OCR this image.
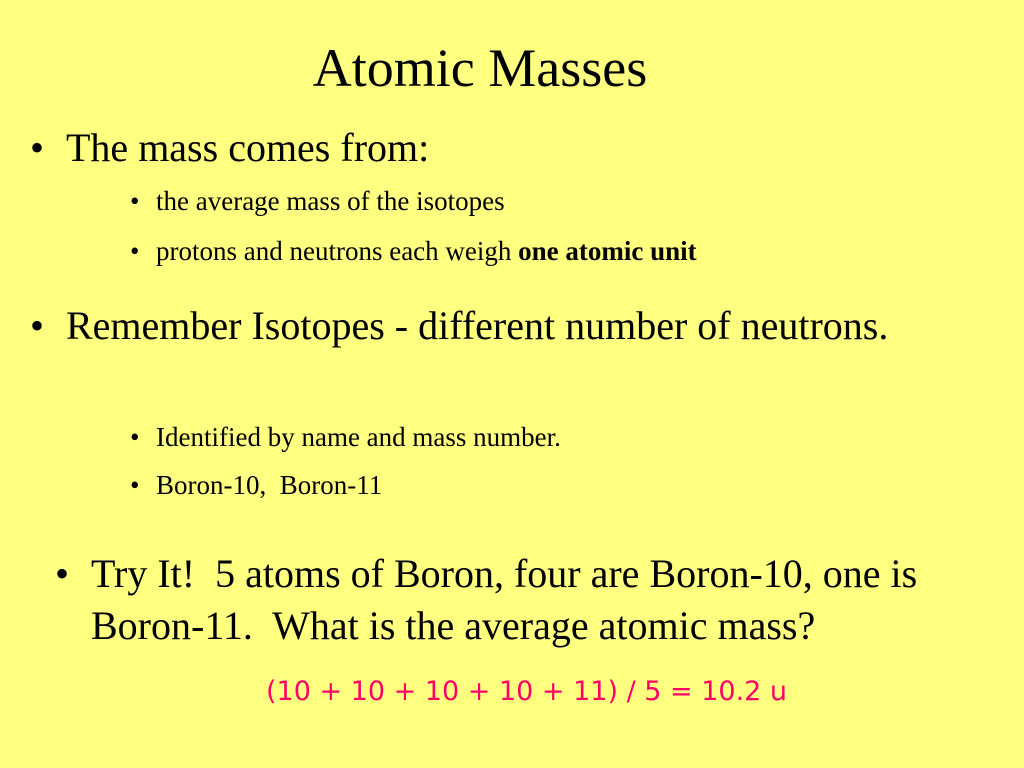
Atomic Masses
• The mass comes from:
• the average mass of the isotopes
• protons and neutrons each weigh one atomic unit
• Remember Isotopes - different number of neutrons.
• Identified by name and mass number.
• Boron-10,  Boron-11
• Try It!  5 atoms of Boron, four are Boron-10, one is Boron-11.  What is the average atomic mass?
(10 + 10 + 10 + 10 + 11) / 5 = 10.2 u
